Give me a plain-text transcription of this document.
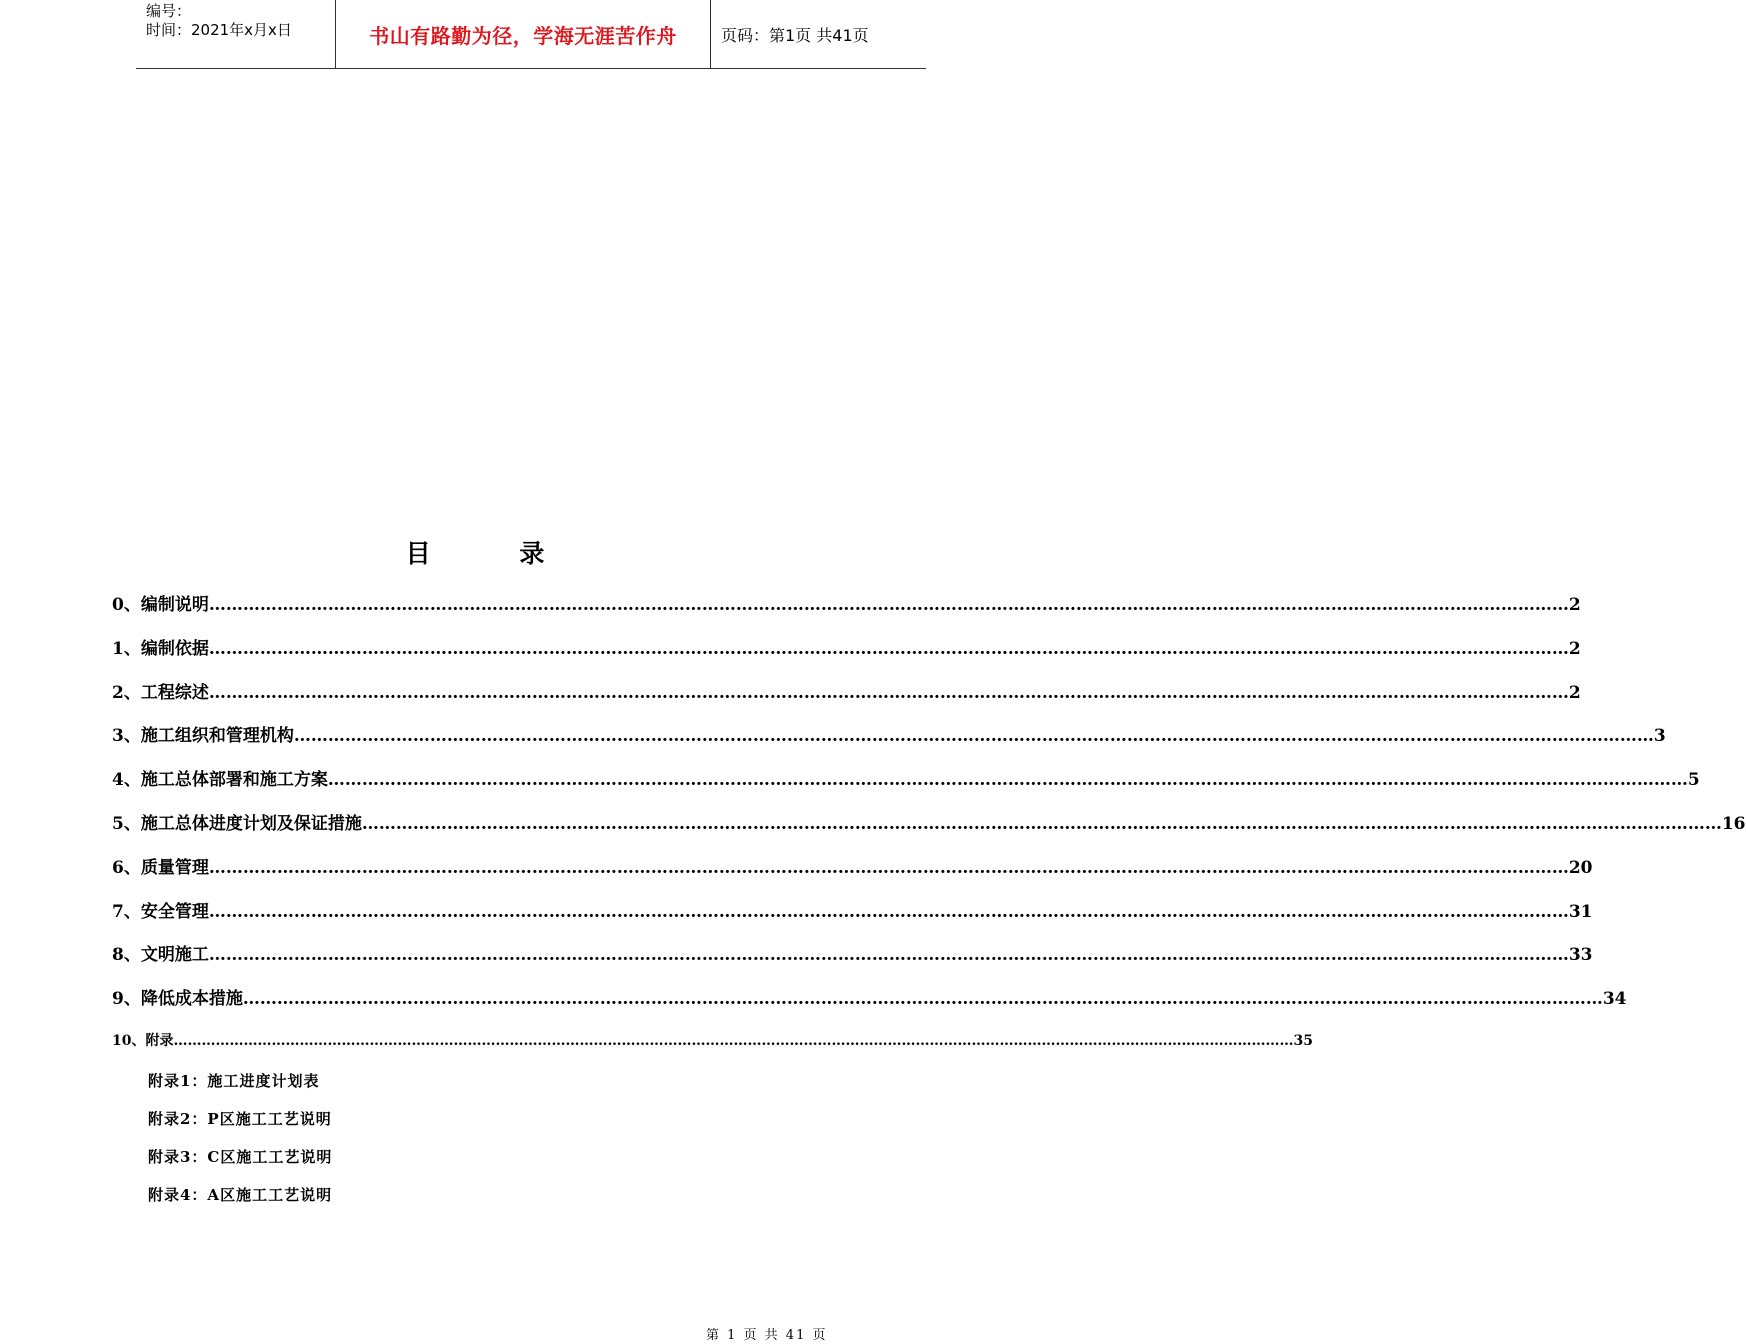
编号：
时间：2021年x月x日	书山有路勤为径，学海无涯苦作舟	页码：第1页 共41页
目 录
0、编制说明 …………………………………………………………………………………………………………………………………………………………………………………………………………………… 2
1、编制依据 …………………………………………………………………………………………………………………………………………………………………………………………………………………… 2
2、工程综述 …………………………………………………………………………………………………………………………………………………………………………………………………………………… 2
3、施工组织和管理机构 …………………………………………………………………………………………………………………………………………………………………………………………………………………… 3
4、施工总体部署和施工方案 …………………………………………………………………………………………………………………………………………………………………………………………………………………… 5
5、施工总体进度计划及保证措施 …………………………………………………………………………………………………………………………………………………………………………………………………………………… 16
6、质量管理 …………………………………………………………………………………………………………………………………………………………………………………………………………………… 20
7、安全管理 …………………………………………………………………………………………………………………………………………………………………………………………………………………… 31
8、文明施工 …………………………………………………………………………………………………………………………………………………………………………………………………………………… 33
9、降低成本措施 …………………………………………………………………………………………………………………………………………………………………………………………………………………… 34
10、附录 …………………………………………………………………………………………………………………………………………………………………………………………………………………… 35
附录1：施工进度计划表
附录2：P区施工工艺说明
附录3：C区施工工艺说明
附录4：A区施工工艺说明
第 1 页 共 41 页
